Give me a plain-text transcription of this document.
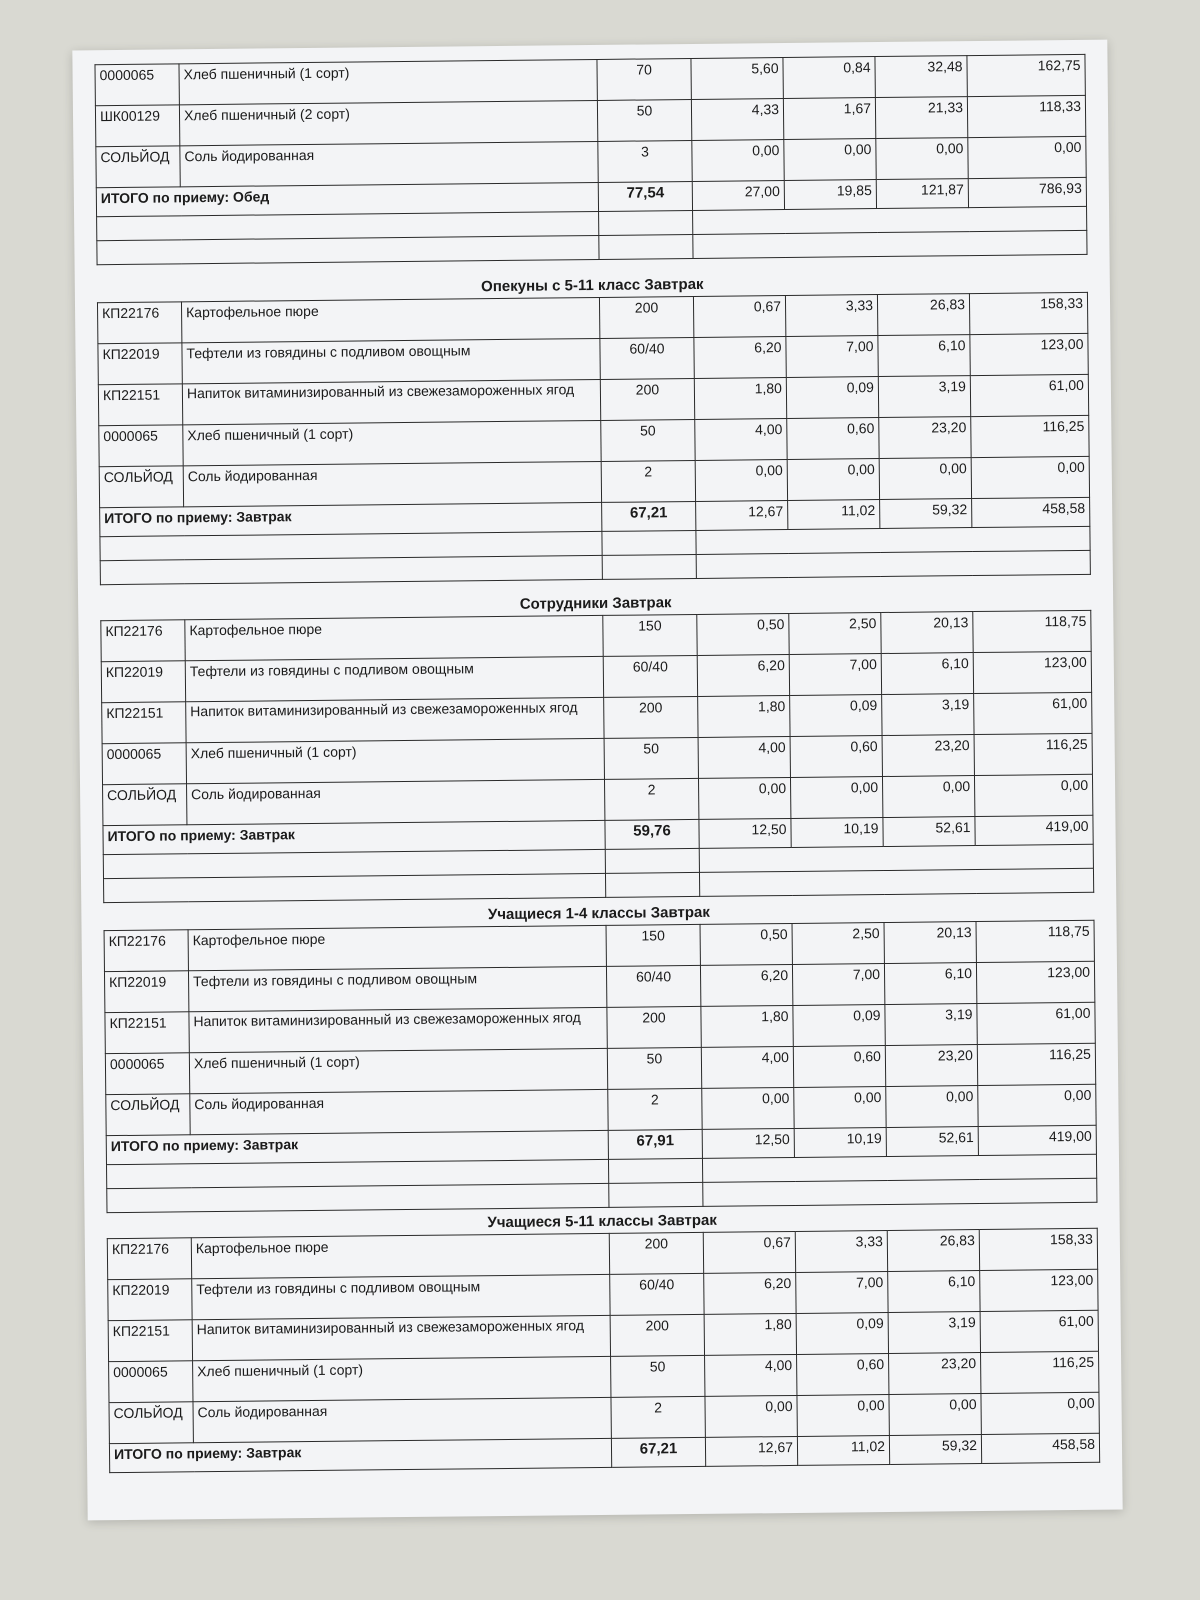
0000065	Хлеб пшеничный (1 сорт)	70	5,60	0,84	32,48	162,75
ШК00129	Хлеб пшеничный (2 сорт)	50	4,33	1,67	21,33	118,33
СОЛЬЙОД	Соль йодированная	3	0,00	0,00	0,00	0,00
ИТОГО по приему: Обед		77,54	27,00	19,85	121,87	786,93

Опекуны с 5-11 класс Завтрак
КП22176	Картофельное пюре	200	0,67	3,33	26,83	158,33
КП22019	Тефтели из говядины с подливом овощным	60/40	6,20	7,00	6,10	123,00
КП22151	Напиток витаминизированный из свежезамороженных ягод	200	1,80	0,09	3,19	61,00
0000065	Хлеб пшеничный (1 сорт)	50	4,00	0,60	23,20	116,25
СОЛЬЙОД	Соль йодированная	2	0,00	0,00	0,00	0,00
ИТОГО по приему: Завтрак		67,21	12,67	11,02	59,32	458,58

Сотрудники Завтрак
КП22176	Картофельное пюре	150	0,50	2,50	20,13	118,75
КП22019	Тефтели из говядины с подливом овощным	60/40	6,20	7,00	6,10	123,00
КП22151	Напиток витаминизированный из свежезамороженных ягод	200	1,80	0,09	3,19	61,00
0000065	Хлеб пшеничный (1 сорт)	50	4,00	0,60	23,20	116,25
СОЛЬЙОД	Соль йодированная	2	0,00	0,00	0,00	0,00
ИТОГО по приему: Завтрак		59,76	12,50	10,19	52,61	419,00

Учащиеся 1-4 классы Завтрак
КП22176	Картофельное пюре	150	0,50	2,50	20,13	118,75
КП22019	Тефтели из говядины с подливом овощным	60/40	6,20	7,00	6,10	123,00
КП22151	Напиток витаминизированный из свежезамороженных ягод	200	1,80	0,09	3,19	61,00
0000065	Хлеб пшеничный (1 сорт)	50	4,00	0,60	23,20	116,25
СОЛЬЙОД	Соль йодированная	2	0,00	0,00	0,00	0,00
ИТОГО по приему: Завтрак		67,91	12,50	10,19	52,61	419,00

Учащиеся 5-11 классы Завтрак
КП22176	Картофельное пюре	200	0,67	3,33	26,83	158,33
КП22019	Тефтели из говядины с подливом овощным	60/40	6,20	7,00	6,10	123,00
КП22151	Напиток витаминизированный из свежезамороженных ягод	200	1,80	0,09	3,19	61,00
0000065	Хлеб пшеничный (1 сорт)	50	4,00	0,60	23,20	116,25
СОЛЬЙОД	Соль йодированная	2	0,00	0,00	0,00	0,00
ИТОГО по приему: Завтрак		67,21	12,67	11,02	59,32	458,58
